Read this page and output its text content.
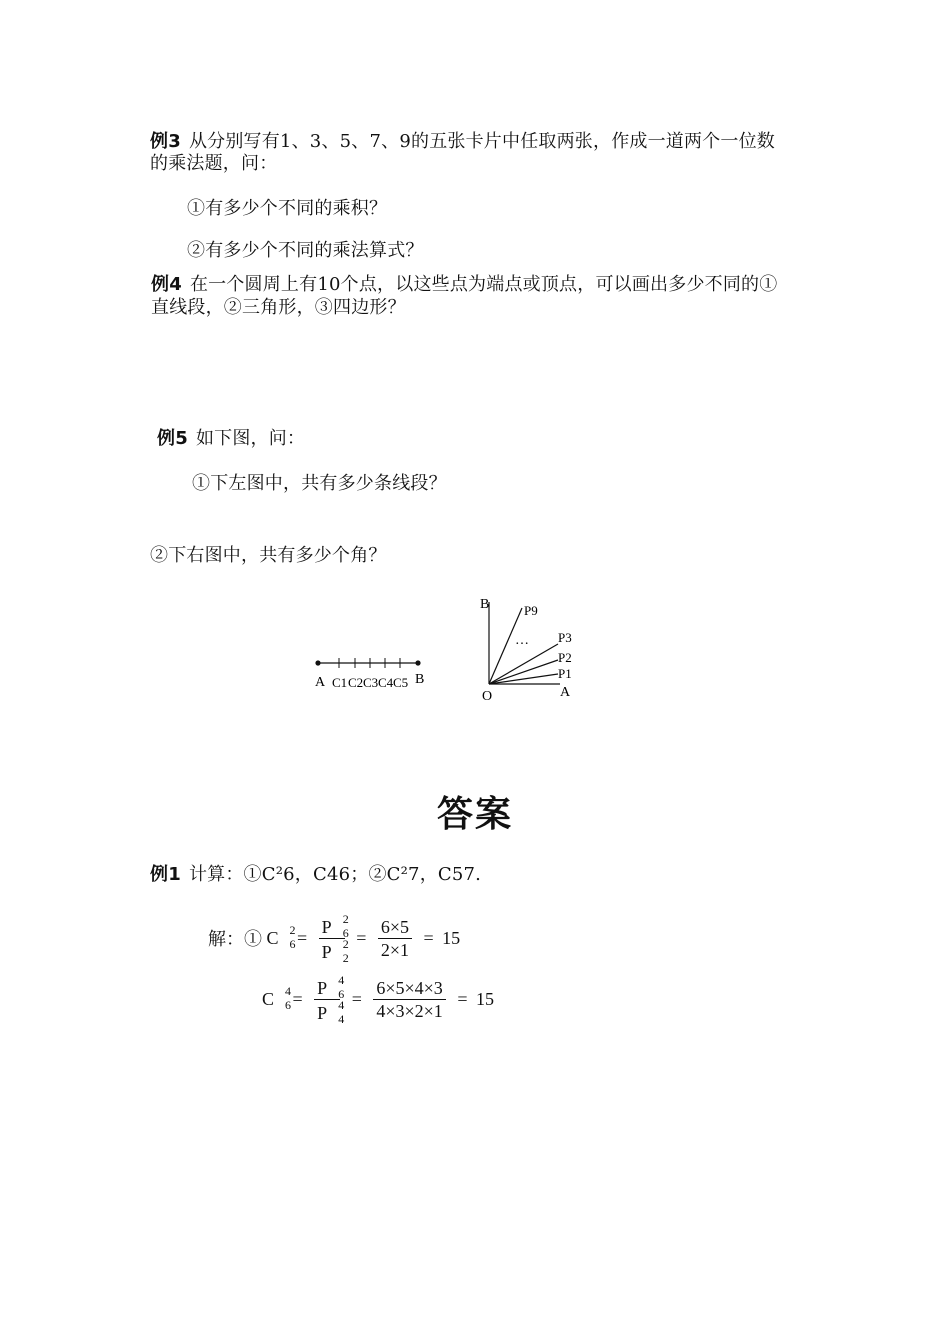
例3 从分别写有1、3、5、7、9的五张卡片中任取两张，作成一道两个一位数
的乘法题，问：
①有多少个不同的乘积？
②有多少个不同的乘法算式？
例4 在一个圆周上有10个点，以这些点为端点或顶点，可以画出多少不同的①
直线段，②三角形，③四边形？
例5 如下图，问：
①下左图中，共有多少条线段？
②下右图中，共有多少个角？
A	B
C1 C2 C3 C4 C5
B	P9
… P3
P2
P1
A
O
答案
例1 计算：①C²6，C46；②C²7，C57.
解：① C 2
6 = P 2
6
P 2
$2 = \frac{6\times 5}{2\times 1} = 15$
C 4
6 = P 4
6
P 4
$4 = \frac{6\times 5\times 4\times 3}{4\times 3\times 2\times 1} = 15$
